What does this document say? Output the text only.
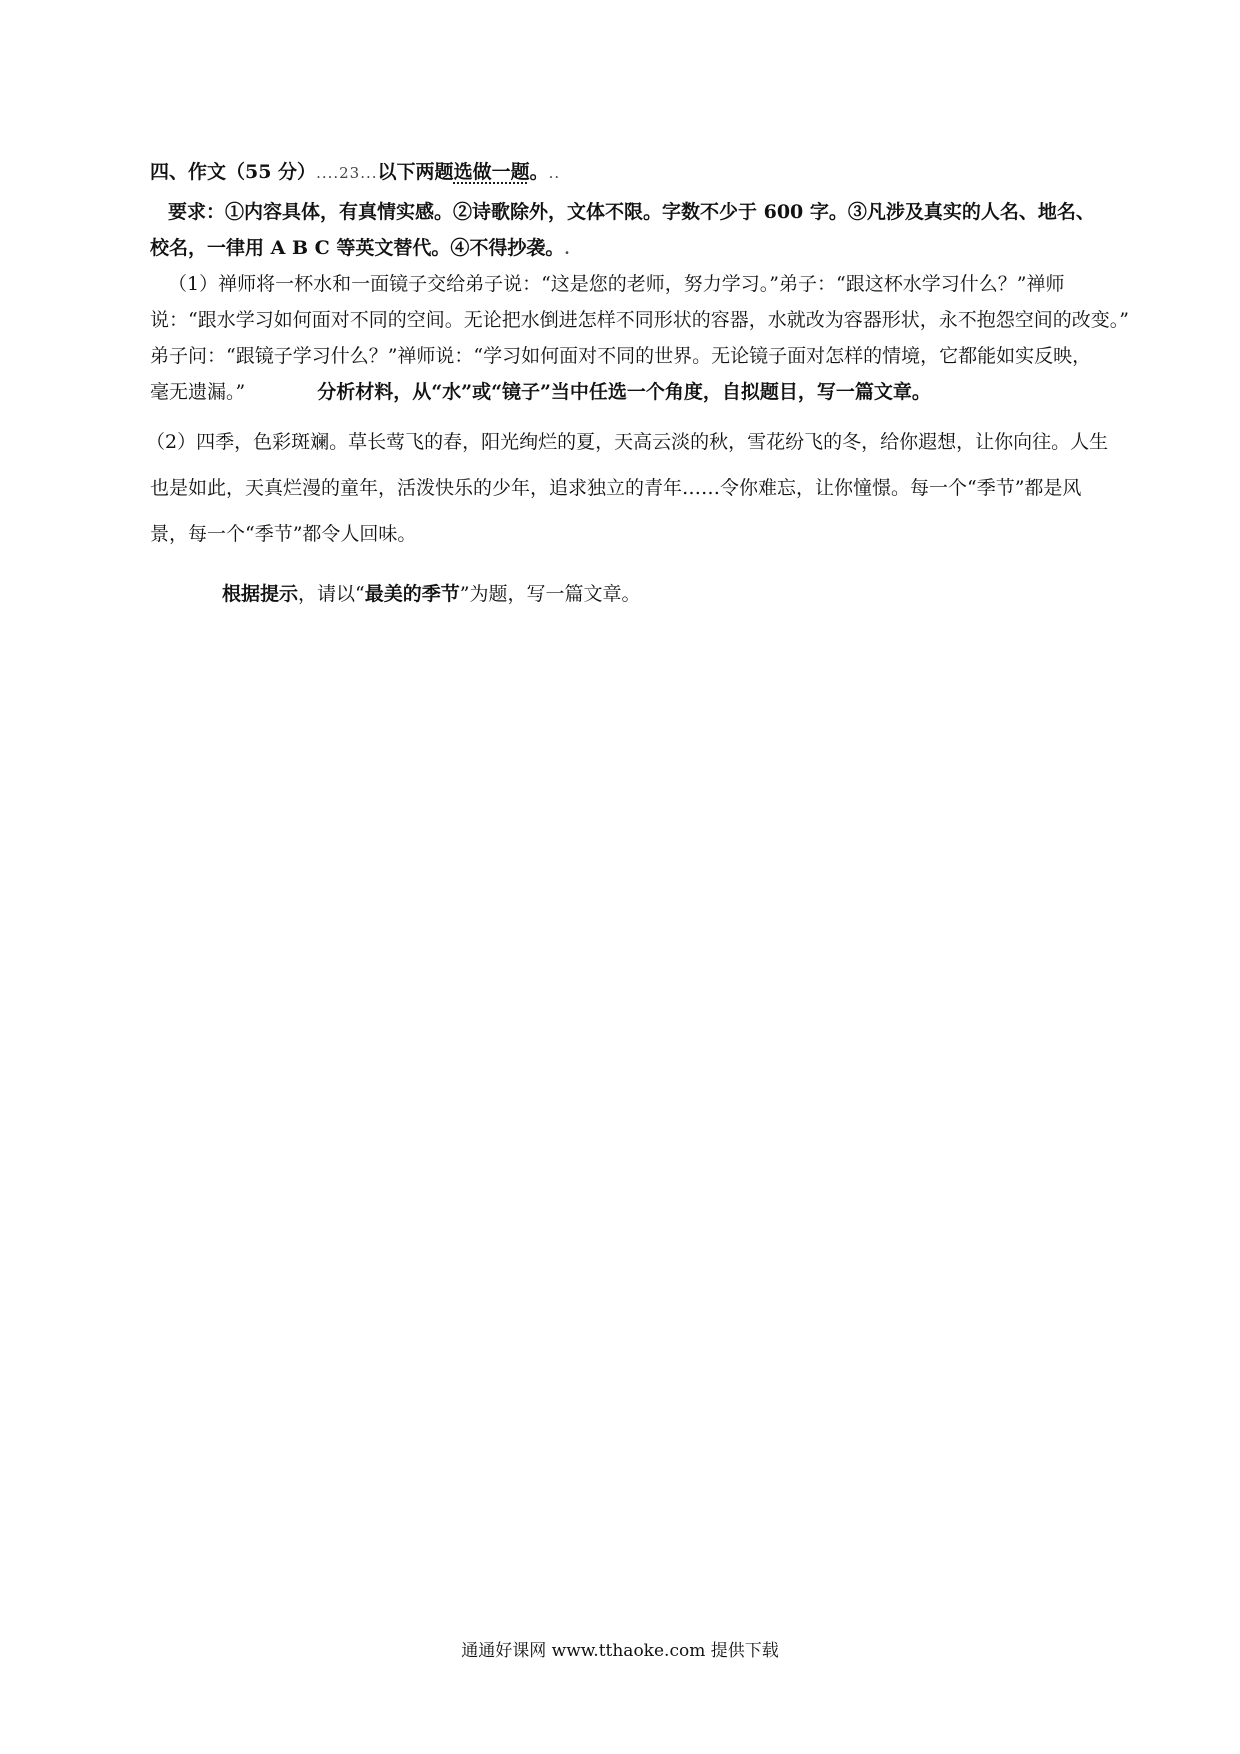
四、作文（55 分）....23...以下两题选做一题。..
要求：①内容具体，有真情实感。②诗歌除外，文体不限。字数不少于 600 字。③凡涉及真实的人名、地名、
校名，一律用 A B C 等英文替代。④不得抄袭。.
（1）禅师将一杯水和一面镜子交给弟子说：“这是您的老师，努力学习。”弟子：“跟这杯水学习什么？”禅师
说：“跟水学习如何面对不同的空间。无论把水倒进怎样不同形状的容器，水就改为容器形状，永不抱怨空间的改变。”
弟子问：“跟镜子学习什么？”禅师说：“学习如何面对不同的世界。无论镜子面对怎样的情境，它都能如实反映，
毫无遗漏。”	分析材料，从“水”或“镜子”当中任选一个角度，自拟题目，写一篇文章。
（2）四季，色彩斑斓。草长莺飞的春，阳光绚烂的夏，天高云淡的秋，雪花纷飞的冬，给你遐想，让你向往。人生
也是如此，天真烂漫的童年，活泼快乐的少年，追求独立的青年……令你难忘，让你憧憬。每一个“季节”都是风
景，每一个“季节”都令人回味。
根据提示，请以“最美的季节”为题，写一篇文章。
通通好课网 www.tthaoke.com 提供下载
